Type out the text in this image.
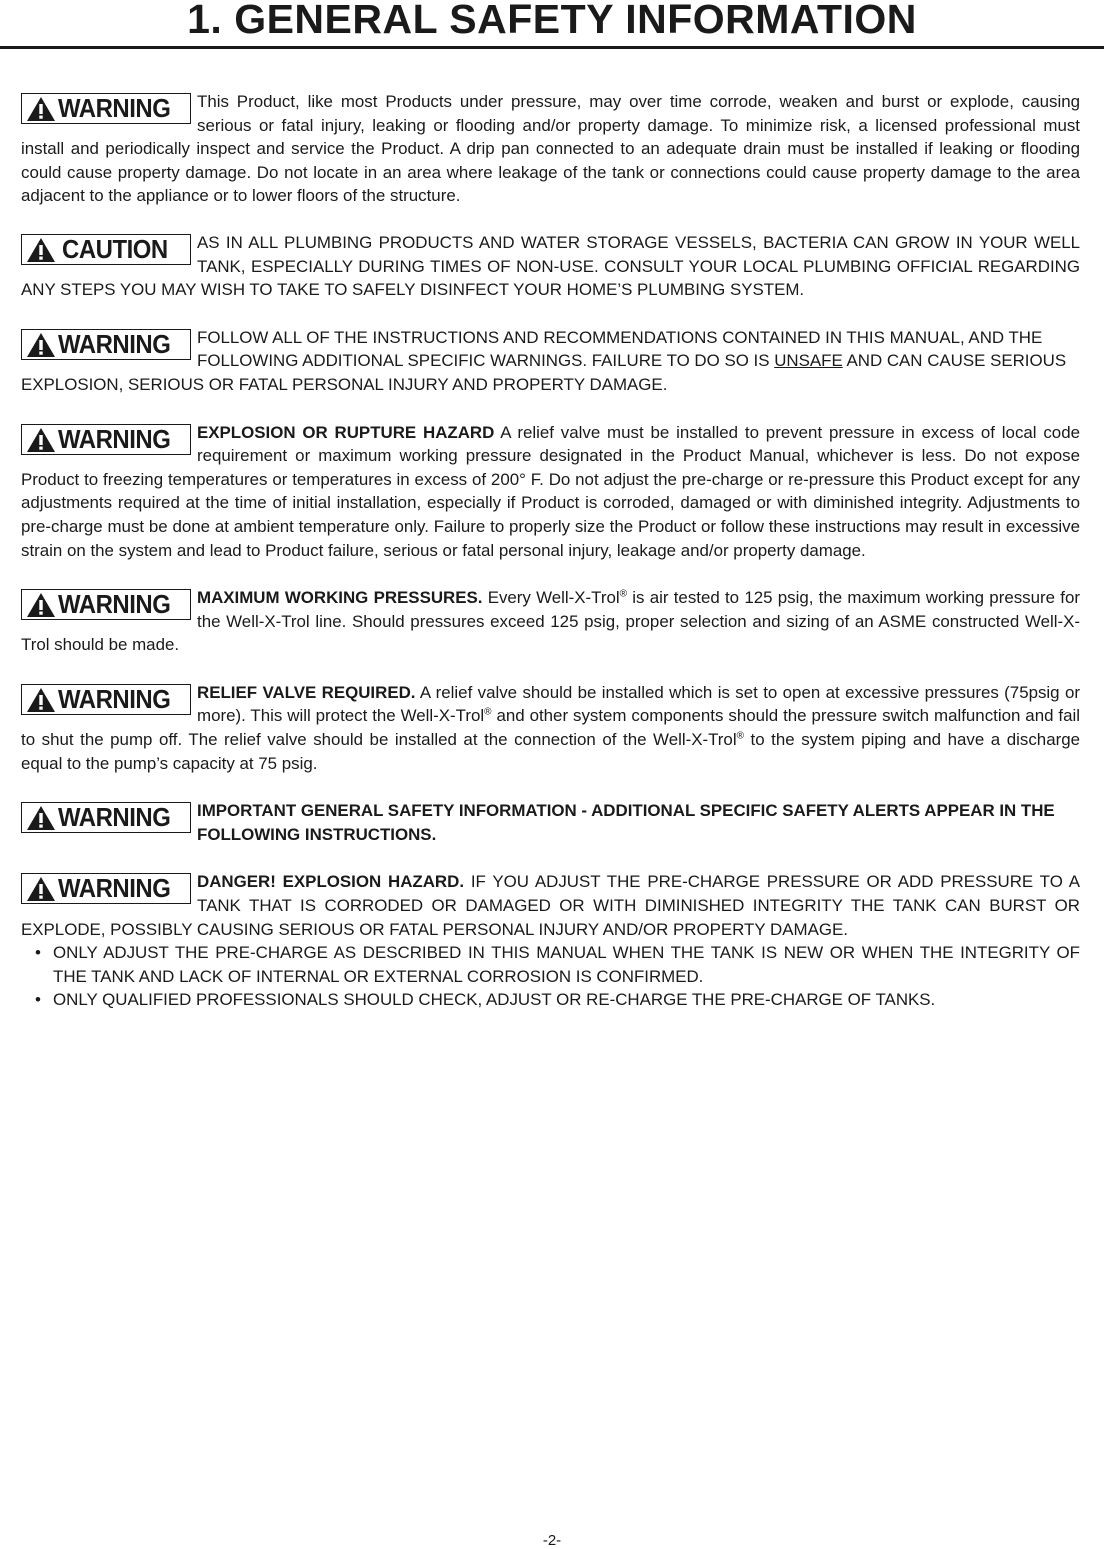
1. GENERAL SAFETY INFORMATION

WARNING This Product, like most Products under pressure, may over time corrode, weaken and burst or explode, causing serious or fatal injury, leaking or flooding and/or property damage. To minimize risk, a licensed professional must install and periodically inspect and service the Product. A drip pan connected to an adequate drain must be installed if leaking or flooding could cause property damage. Do not locate in an area where leakage of the tank or connections could cause property damage to the area adjacent to the appliance or to lower floors of the structure.

CAUTION AS IN ALL PLUMBING PRODUCTS AND WATER STORAGE VESSELS, BACTERIA CAN GROW IN YOUR WELL TANK, ESPECIALLY DURING TIMES OF NON-USE. CONSULT YOUR LOCAL PLUMBING OFFICIAL REGARDING ANY STEPS YOU MAY WISH TO TAKE TO SAFELY DISINFECT YOUR HOME’S PLUMBING SYSTEM.

WARNING FOLLOW ALL OF THE INSTRUCTIONS AND RECOMMENDATIONS CONTAINED IN THIS MANUAL, AND THE FOLLOWING ADDITIONAL SPECIFIC WARNINGS. FAILURE TO DO SO IS UNSAFE AND CAN CAUSE SERIOUS EXPLOSION, SERIOUS OR FATAL PERSONAL INJURY AND PROPERTY DAMAGE.

WARNING EXPLOSION OR RUPTURE HAZARD A relief valve must be installed to prevent pressure in excess of local code requirement or maximum working pressure designated in the Product Manual, whichever is less. Do not expose Product to freezing temperatures or temperatures in excess of 200° F. Do not adjust the pre-charge or re-pressure this Product except for any adjustments required at the time of initial installation, especially if Product is corroded, damaged or with diminished integrity. Adjustments to pre-charge must be done at ambient temperature only. Failure to properly size the Product or follow these instructions may result in excessive strain on the system and lead to Product failure, serious or fatal personal injury, leakage and/or property damage.

WARNING MAXIMUM WORKING PRESSURES. Every Well-X-Trol® is air tested to 125 psig, the maximum working pressure for the Well-X-Trol line. Should pressures exceed 125 psig, proper selection and sizing of an ASME constructed Well-X-Trol should be made.

WARNING RELIEF VALVE REQUIRED. A relief valve should be installed which is set to open at excessive pressures (75psig or more). This will protect the Well-X-Trol® and other system components should the pressure switch malfunction and fail to shut the pump off. The relief valve should be installed at the connection of the Well-X-Trol® to the system piping and have a discharge equal to the pump’s capacity at 75 psig.

WARNING IMPORTANT GENERAL SAFETY INFORMATION - ADDITIONAL SPECIFIC SAFETY ALERTS APPEAR IN THE FOLLOWING INSTRUCTIONS.

WARNING DANGER! EXPLOSION HAZARD. IF YOU ADJUST THE PRE-CHARGE PRESSURE OR ADD PRESSURE TO A TANK THAT IS CORRODED OR DAMAGED OR WITH DIMINISHED INTEGRITY THE TANK CAN BURST OR EXPLODE, POSSIBLY CAUSING SERIOUS OR FATAL PERSONAL INJURY AND/OR PROPERTY DAMAGE.

• ONLY ADJUST THE PRE-CHARGE AS DESCRIBED IN THIS MANUAL WHEN THE TANK IS NEW OR WHEN THE INTEGRITY OF THE TANK AND LACK OF INTERNAL OR EXTERNAL CORROSION IS CONFIRMED.
• ONLY QUALIFIED PROFESSIONALS SHOULD CHECK, ADJUST OR RE-CHARGE THE PRE-CHARGE OF TANKS.
-2-
